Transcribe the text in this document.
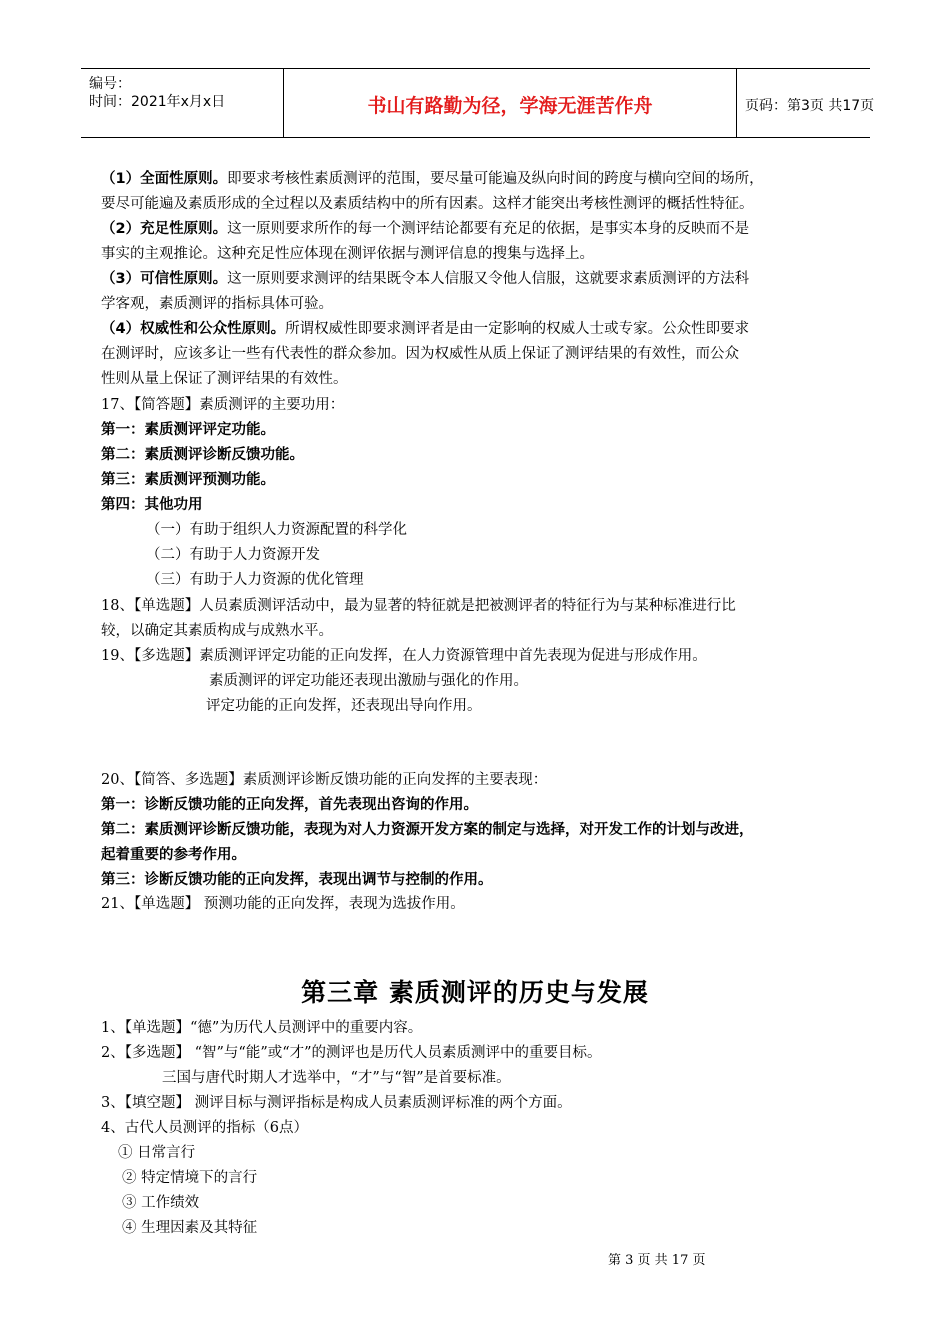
编号：
时间：2021年x月x日	书山有路勤为径，学海无涯苦作舟	页码：第3页 共17页
（1）全面性原则。即要求考核性素质测评的范围，要尽量可能遍及纵向时间的跨度与横向空间的场所，
要尽可能遍及素质形成的全过程以及素质结构中的所有因素。这样才能突出考核性测评的概括性特征。
（2）充足性原则。这一原则要求所作的每一个测评结论都要有充足的依据，是事实本身的反映而不是
事实的主观推论。这种充足性应体现在测评依据与测评信息的搜集与选择上。
（3）可信性原则。这一原则要求测评的结果既令本人信服又令他人信服，这就要求素质测评的方法科
学客观，素质测评的指标具体可验。
（4）权威性和公众性原则。所谓权威性即要求测评者是由一定影响的权威人士或专家。公众性即要求
在测评时，应该多让一些有代表性的群众参加。因为权威性从质上保证了测评结果的有效性，而公众
性则从量上保证了测评结果的有效性。
17、【简答题】素质测评的主要功用：
第一：素质测评评定功能。
第二：素质测评诊断反馈功能。
第三：素质测评预测功能。
第四：其他功用
（一）有助于组织人力资源配置的科学化
（二）有助于人力资源开发
（三）有助于人力资源的优化管理
18、【单选题】人员素质测评活动中，最为显著的特征就是把被测评者的特征行为与某种标准进行比
较，以确定其素质构成与成熟水平。
19、【多选题】素质测评评定功能的正向发挥，在人力资源管理中首先表现为促进与形成作用。
素质测评的评定功能还表现出激励与强化的作用。
评定功能的正向发挥，还表现出导向作用。
20、【简答、多选题】素质测评诊断反馈功能的正向发挥的主要表现：
第一：诊断反馈功能的正向发挥，首先表现出咨询的作用。
第二：素质测评诊断反馈功能，表现为对人力资源开发方案的制定与选择，对开发工作的计划与改进，
起着重要的参考作用。
第三：诊断反馈功能的正向发挥，表现出调节与控制的作用。
21、【单选题】 预测功能的正向发挥，表现为选拔作用。
第三章 素质测评的历史与发展
1、【单选题】“德”为历代人员测评中的重要内容。
2、【多选题】 “智”与“能”或“才”的测评也是历代人员素质测评中的重要目标。
三国与唐代时期人才选举中，“才”与“智”是首要标准。
3、【填空题】 测评目标与测评指标是构成人员素质测评标准的两个方面。
4、古代人员测评的指标（6点）
① 日常言行
② 特定情境下的言行
③ 工作绩效
④ 生理因素及其特征
第 3 页 共 17 页
